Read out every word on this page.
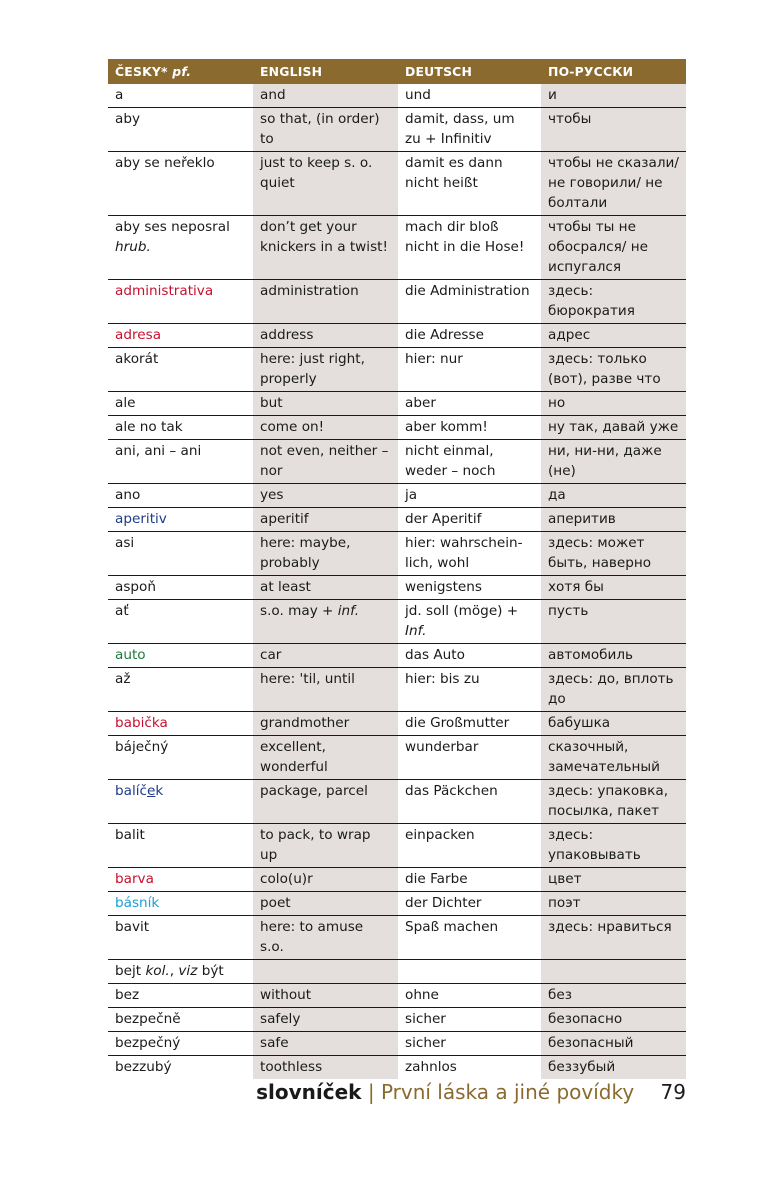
ČESKY* pf.	ENGLISH	DEUTSCH	ПО-РУССКИ
a	and	und	и
aby	so that, (in order) to	damit, dass, um zu + Infinitiv	чтобы
aby se neřeklo	just to keep s. o. quiet	damit es dann nicht heißt	чтобы не сказали/ не говорили/ не болтали
aby ses neposral hrub.	don’t get your knickers in a twist!	mach dir bloß nicht in die Hose!	чтобы ты не обосрался/ не испугался
administrativa	administration	die Administration	здесь: бюрократия
adresa	address	die Adresse	адрес
akorát	here: just right, properly	hier: nur	здесь: только (вот), разве что
ale	but	aber	но
ale no tak	come on!	aber komm!	ну так, давай уже
ani, ani – ani	not even, neither – nor	nicht einmal, weder – noch	ни, ни-ни, даже (не)
ano	yes	ja	да
aperitiv	aperitif	der Aperitif	аперитив
asi	here: maybe, probably	hier: wahrschein-lich, wohl	здесь: может быть, наверно
aspoň	at least	wenigstens	хотя бы
ať	s.o. may + inf.	jd. soll (möge) + Inf.	пусть
auto	car	das Auto	автомобиль
až	here: 'til, until	hier: bis zu	здесь: до, вплоть до
babička	grandmother	die Großmutter	бабушка
báječný	excellent, wonderful	wunderbar	сказочный, замечательный
balíček	package, parcel	das Päckchen	здесь: упаковка, посылка, пакет
balit	to pack, to wrap up	einpacken	здесь: упаковывать
barva	colo(u)r	die Farbe	цвет
básník	poet	der Dichter	поэт
bavit	here: to amuse s.o.	Spaß machen	здесь: нравиться
bejt kol., viz být			
bez	without	ohne	без
bezpečně	safely	sicher	безопасно
bezpečný	safe	sicher	безопасный
bezzubý	toothless	zahnlos	беззубый
slovníček | První láska a jiné povídky 79
